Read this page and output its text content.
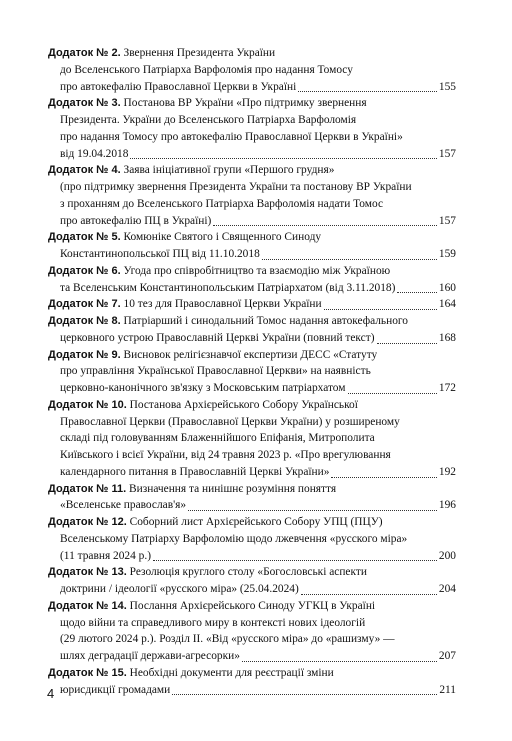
Додаток № 2. Звернення Президента України
до Вселенського Патріарха Варфоломія про надання Томосу
про автокефалію Православної Церкви в Україні	155
Додаток № 3. Постанова ВР України «Про підтримку звернення
Президента. України до Вселенського Патріарха Варфоломія
про надання Томосу про автокефалію Православної Церкви в Україні»
від 19.04.2018	157
Додаток № 4. Заява ініціативної групи «Першого грудня»
(про підтримку звернення Президента України та постанову ВР України
з проханням до Вселенського Патріарха Варфоломія надати Томос
про автокефалію ПЦ в Україні)	157
Додаток № 5. Комюніке Святого і Священного Синоду
Константинопольської ПЦ від 11.10.2018	159
Додаток № 6. Угода про співробітництво та взаємодію між Україною
та Вселенським Константинопольським Патріархатом (від 3.11.2018)	160
Додаток № 7. 10 тез для Православної Церкви України	164
Додаток № 8. Патріарший і синодальний Томос надання автокефального
церковного устрою Православній Церкві України (повний текст)	168
Додаток № 9. Висновок релігієзнавчої експертизи ДЕСС «Статуту
про управління Української Православної Церкви» на наявність
церковно-канонічного зв'язку з Московським патріархатом	172
Додаток № 10. Постанова Архієрейського Собору Української
Православної Церкви (Православної Церкви України) у розширеному
складі під головуванням Блаженнійшого Епіфанія, Митрополита
Київського і всієї України, від 24 травня 2023 р. «Про врегулювання
календарного питання в Православній Церкві України»	192
Додаток № 11. Визначення та нинішнє розуміння поняття
«Вселенське православ'я»	196
Додаток № 12. Соборний лист Архієрейського Собору УПЦ (ПЦУ)
Вселенському Патріарху Варфоломію щодо лжевчення «русского міра»
(11 травня 2024 р.)	200
Додаток № 13. Резолюція круглого столу «Богословські аспекти
доктрини / ідеології «русского міра» (25.04.2024)	204
Додаток № 14. Послання Архієрейського Синоду УГКЦ в Україні
щодо війни та справедливого миру в контексті нових ідеологій
(29 лютого 2024 р.). Розділ II. «Від «русского міра» до «рашизму» —
шлях деградації держави-агресорки»	207
Додаток № 15. Необхідні документи для реєстрації зміни
юрисдикції громадами	211
4
